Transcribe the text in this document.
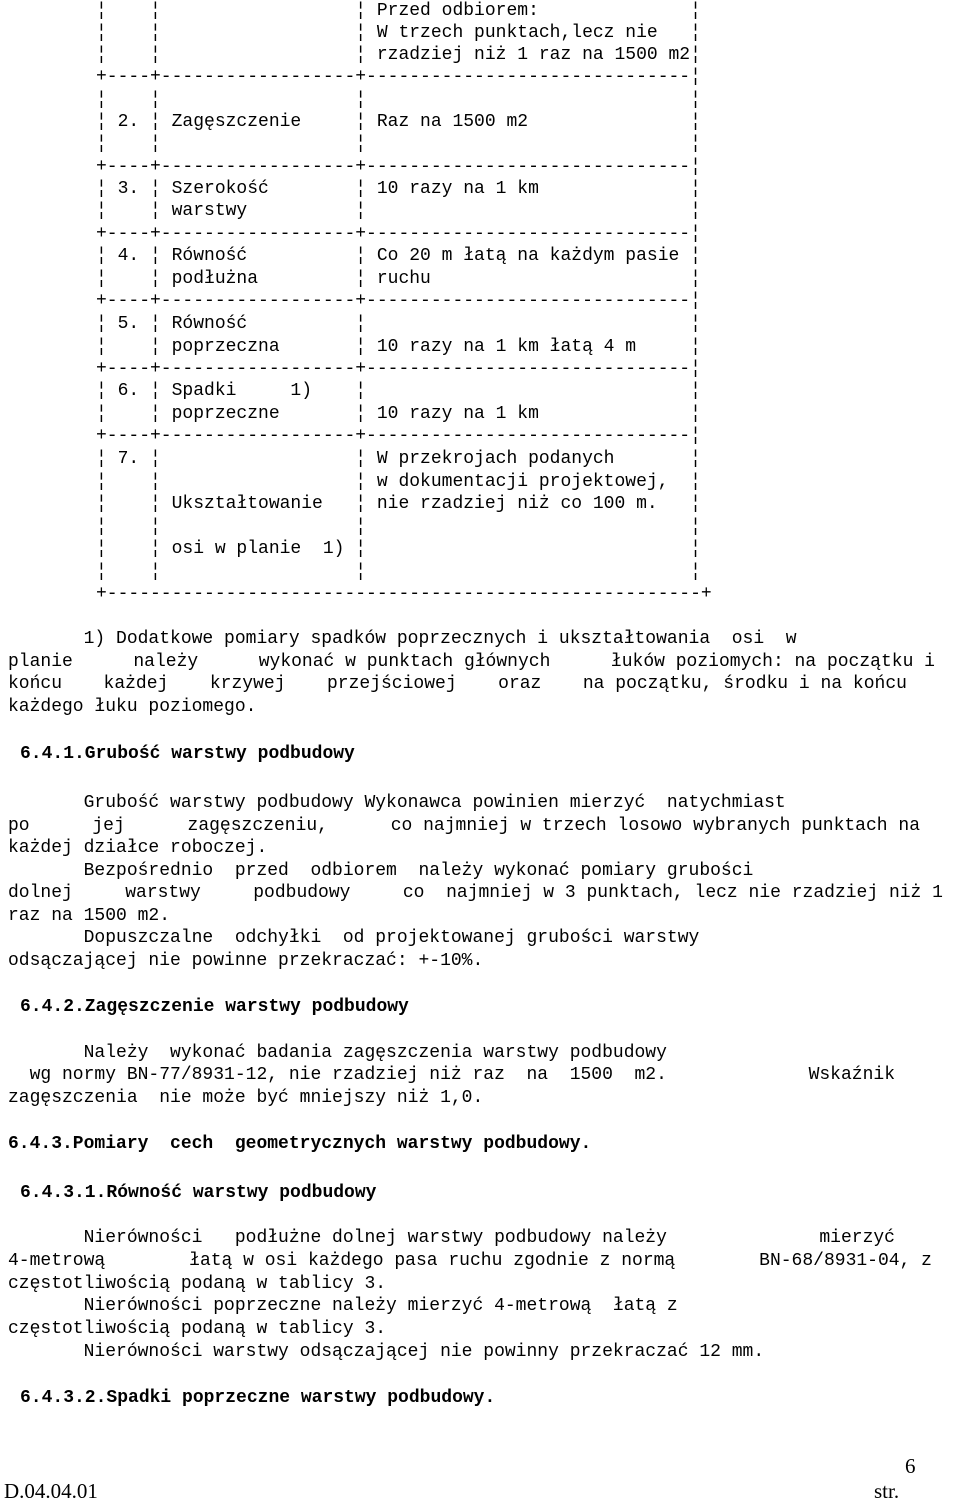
¦    ¦                  ¦ Przed odbiorem:              ¦
¦    ¦                  ¦ W trzech punktach,lecz nie   ¦
¦    ¦                  ¦ rzadziej niż 1 raz na 1500 m2¦
+----+------------------+------------------------------¦
¦    ¦                  ¦                              ¦
¦ 2. ¦ Zagęszczenie     ¦ Raz na 1500 m2               ¦
¦    ¦                  ¦                              ¦
+----+------------------+------------------------------¦
¦ 3. ¦ Szerokość        ¦ 10 razy na 1 km              ¦
¦    ¦ warstwy          ¦                              ¦
+----+------------------+------------------------------¦
¦ 4. ¦ Równość          ¦ Co 20 m łatą na każdym pasie ¦
¦    ¦ podłużna         ¦ ruchu                        ¦
+----+------------------+------------------------------¦
¦ 5. ¦ Równość          ¦                              ¦
¦    ¦ poprzeczna       ¦ 10 razy na 1 km łatą 4 m     ¦
+----+------------------+------------------------------¦
¦ 6. ¦ Spadki     1)    ¦                              ¦
¦    ¦ poprzeczne       ¦ 10 razy na 1 km              ¦
+----+------------------+------------------------------¦
¦ 7. ¦                  ¦ W przekrojach podanych       ¦
¦    ¦                  ¦ w dokumentacji projektowej,  ¦
¦    ¦ Ukształtowanie   ¦ nie rzadziej niż co 100 m.   ¦
¦    ¦                  ¦                              ¦
¦    ¦ osi w planie  1) ¦                              ¦
¦    ¦                  ¦                              ¦
+-------------------------------------------------------+
1) Dodatkowe pomiary spadków poprzecznych i ukształtowania  osi  w
planie	należy	wykonać w punktach głównych	łuków poziomych: na początku i
końcu każdej krzywej przejściowej oraz na początku, środku i na końcu
każdego łuku poziomego.
6.4.1.Grubość warstwy podbudowy
Grubość warstwy podbudowy Wykonawca powinien mierzyć  natychmiast
po	jej	zagęszczeniu,	co najmniej w trzech losowo wybranych punktach na
każdej działce roboczej.
Bezpośrednio  przed  odbiorem  należy wykonać pomiary grubości
dolnej	warstwy	podbudowy	co  najmniej w 3 punktach, lecz nie rzadziej niż 1
raz na 1500 m2.
Dopuszczalne  odchyłki  od projektowanej grubości warstwy
odsączającej nie powinne przekraczać: +-10%.
6.4.2.Zagęszczenie warstwy podbudowy
Należy  wykonać badania zagęszczenia warstwy podbudowy
wg normy BN-77/8931-12, nie rzadziej niż raz  na  1500  m2.	Wskaźnik
zagęszczenia  nie może być mniejszy niż 1,0.
6.4.3.Pomiary  cech  geometrycznych warstwy podbudowy.
6.4.3.1.Równość warstwy podbudowy
Nierówności   podłużne dolnej warstwy podbudowy należy	mierzyć
4-metrową	łatą w osi każdego pasa ruchu zgodnie z normą	BN-68/8931-04, z
częstotliwością podaną w tablicy 3.
Nierówności poprzeczne należy mierzyć 4-metrową  łatą z
częstotliwością podaną w tablicy 3.
Nierówności warstwy odsączającej nie powinny przekraczać 12 mm.
6.4.3.2.Spadki poprzeczne warstwy podbudowy.
6
D.04.04.01	str.
